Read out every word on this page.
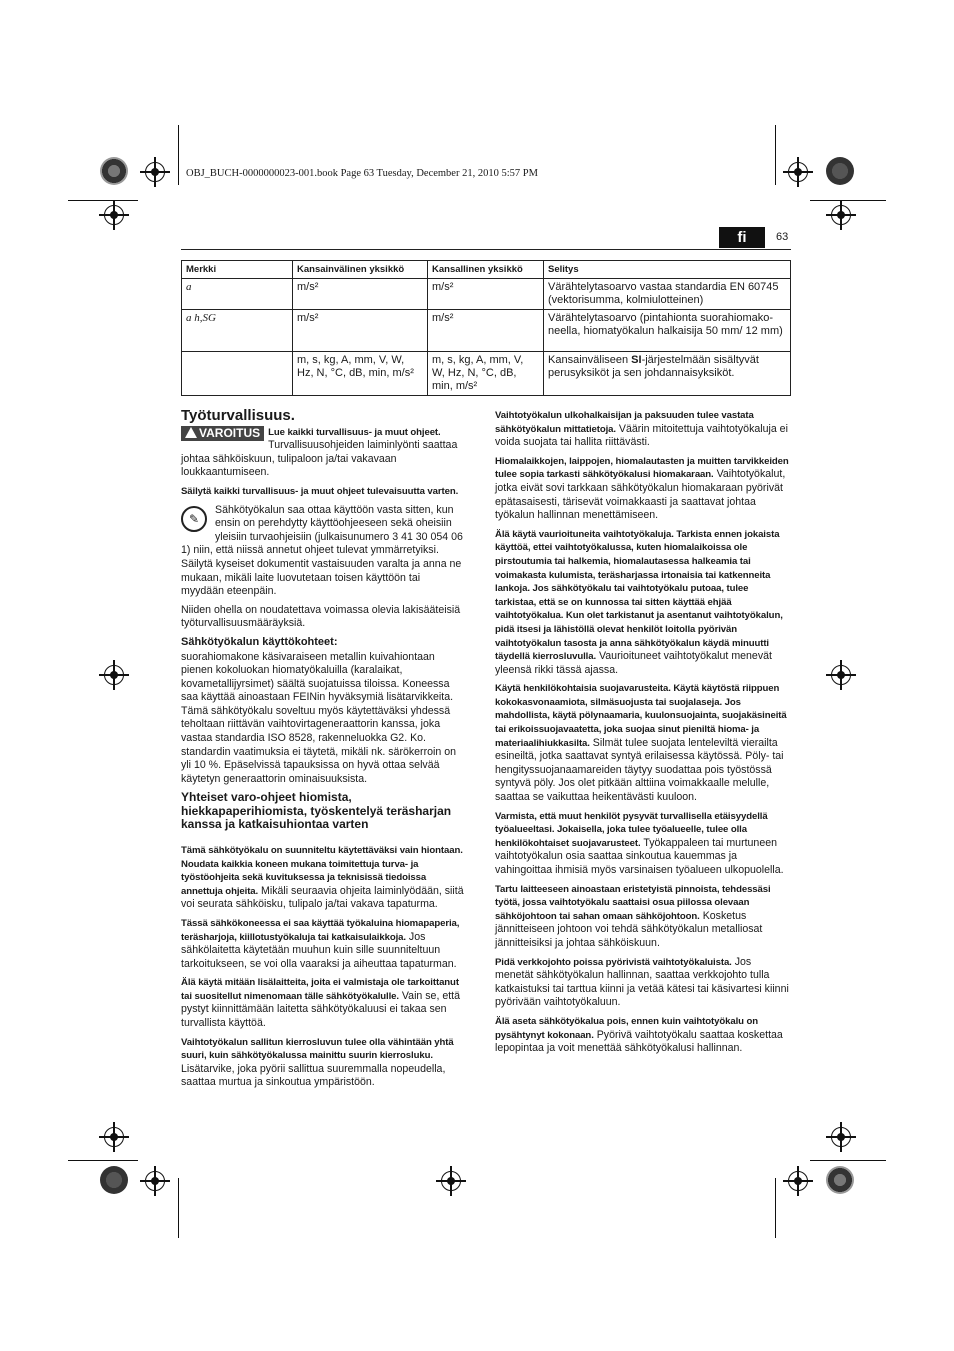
OBJ_BUCH-0000000023-001.book Page 63 Tuesday, December 21, 2010 5:57 PM
fi	63
Merkki	Kansainvälinen yksikkö	Kansallinen yksikkö	Selitys
a	m/s²	m/s²	Värähtelytasoarvo vastaa standardia EN 60745 (vektorisumma, kolmiulotteinen)
a h,SG	m/s²	m/s²	Värähtelytasoarvo (pintahionta suorahiomako-neella, hiomatyökalun halkaisija 50 mm/ 12 mm)
	m, s, kg, A, mm, V, W, Hz, N, °C, dB, min, m/s²	m, s, kg, A, mm, V, W, Hz, N, °C, dB, min, m/s²	Kansainväliseen SI-järjestelmään sisältyvät perusyksiköt ja sen johdannaisyksiköt.
Työturvallisuus.

VAROITUS Lue kaikki turvallisuus- ja muut ohjeet. Turvallisuusohjeiden laiminlyönti saattaa johtaa sähköiskuun, tulipaloon ja/tai vakavaan loukkaantumiseen.

Säilytä kaikki turvallisuus- ja muut ohjeet tulevaisuutta varten.

✎
Sähkötyökalun saa ottaa käyttöön vasta sitten, kun ensin on perehdytty käyttöohjeeseen sekä oheisiin yleisiin turvaohjeisiin (julkaisunumero 3 41 30 054 06 1) niin, että niissä annetut ohjeet tulevat ymmärretyiksi. Säilytä kyseiset dokumentit vastaisuuden varalta ja anna ne mukaan, mikäli laite luovutetaan toisen käyttöön tai myydään eteenpäin.

Niiden ohella on noudatettava voimassa olevia lakisääteisiä työturvallisuusmääräyksiä.

Sähkötyökalun käyttökohteet:

suorahiomakone käsivaraiseen metallin kuivahiontaan pienen kokoluokan hiomatyökaluilla (karalaikat, kovametallijyrsimet) säältä suojatuissa tiloissa. Koneessa saa käyttää ainoastaan FEINin hyväksymiä lisätarvikkeita.

Tämä sähkötyökalu soveltuu myös käytettäväksi yhdessä teholtaan riittävän vaihtovirtageneraattorin kanssa, joka vastaa standardia ISO 8528, rakenneluokka G2. Ko. standardin vaatimuksia ei täytetä, mikäli nk. särökerroin on yli 10 %. Epäselvissä tapauksissa on hyvä ottaa selvää käytetyn generaattorin ominaisuuksista.

Yhteiset varo-ohjeet hiomista, hiekkapaperihiomista, työskentelyä teräsharjan kanssa ja katkaisuhiontaa varten

Tämä sähkötyökalu on suunniteltu käytettäväksi vain hiontaan. Noudata kaikkia koneen mukana toimitettuja turva- ja työstöohjeita sekä kuvituksessa ja teknisissä tiedoissa annettuja ohjeita. Mikäli seuraavia ohjeita laiminlyödään, siitä voi seurata sähköisku, tulipalo ja/tai vakava tapaturma.

Tässä sähkökoneessa ei saa käyttää työkaluina hiomapaperia, teräsharjoja, kiillotustyökaluja tai katkaisulaikkoja. Jos sähkölaitetta käytetään muuhun kuin sille suunniteltuun tarkoitukseen, se voi olla vaaraksi ja aiheuttaa tapaturman.

Älä käytä mitään lisälaitteita, joita ei valmistaja ole tarkoittanut tai suositellut nimenomaan tälle sähkötyökalulle. Vain se, että pystyt kiinnittämään laitetta sähkötyökaluusi ei takaa sen turvallista käyttöä.

Vaihtotyökalun sallitun kierrosluvun tulee olla vähintään yhtä suuri, kuin sähkötyökalussa mainittu suurin kierrosluku. Lisätarvike, joka pyörii sallittua suuremmalla nopeudella, saattaa murtua ja sinkoutua ympäristöön.

Vaihtotyökalun ulkohalkaisijan ja paksuuden tulee vastata sähkötyökalun mittatietoja. Väärin mitoitettuja vaihtotyökaluja ei voida suojata tai hallita riittävästi.

Hiomalaikkojen, laippojen, hiomalautasten ja muitten tarvikkeiden tulee sopia tarkasti sähkötyökalusi hiomakaraan. Vaihtotyökalut, jotka eivät sovi tarkkaan sähkötyökalun hiomakaraan pyörivät epätasaisesti, tärisevät voimakkaasti ja saattavat johtaa työkalun hallinnan menettämiseen.

Älä käytä vaurioituneita vaihtotyökaluja. Tarkista ennen jokaista käyttöä, ettei vaihtotyökalussa, kuten hiomalaikoissa ole pirstoutumia tai halkemia, hiomalautasessa halkeamia tai voimakasta kulumista, teräsharjassa irtonaisia tai katkenneita lankoja. Jos sähkötyökalu tai vaihtotyökalu putoaa, tulee tarkistaa, että se on kunnossa tai sitten käyttää ehjää vaihtotyökalua. Kun olet tarkistanut ja asentanut vaihtotyökalun, pidä itsesi ja lähistöllä olevat henkilöt loitolla pyörivän vaihtotyökalun tasosta ja anna sähkötyökalun käydä minuutti täydellä kierrosluvulla. Vaurioituneet vaihtotyökalut menevät yleensä rikki tässä ajassa.

Käytä henkilökohtaisia suojavarusteita. Käytä käytöstä riippuen kokokasvonaamiota, silmäsuojusta tai suojalaseja. Jos mahdollista, käytä pölynaamaria, kuulonsuojainta, suojakäsineitä tai erikoissuojavaatetta, joka suojaa sinut pieniltä hioma- ja materiaalihiukkasilta. Silmät tulee suojata lenteleviltä vierailta esineiltä, jotka saattavat syntyä erilaisessa käytössä. Pöly- tai hengityssuojanaamareiden täytyy suodattaa pois työstössä syntyvä pöly. Jos olet pitkään alttiina voimakkaalle melulle, saattaa se vaikuttaa heikentävästi kuuloon.

Varmista, että muut henkilöt pysyvät turvallisella etäisyydellä työalueeltasi. Jokaisella, joka tulee työalueelle, tulee olla henkilökohtaiset suojavarusteet. Työkappaleen tai murtuneen vaihtotyökalun osia saattaa sinkoutua kauemmas ja vahingoittaa ihmisiä myös varsinaisen työalueen ulkopuolella.

Tartu laitteeseen ainoastaan eristetyistä pinnoista, tehdessäsi työtä, jossa vaihtotyökalu saattaisi osua piilossa olevaan sähköjohtoon tai sahan omaan sähköjohtoon. Kosketus jännitteiseen johtoon voi tehdä sähkötyökalun metalliosat jännitteisiksi ja johtaa sähköiskuun.

Pidä verkkojohto poissa pyörivistä vaihtotyökaluista. Jos menetät sähkötyökalun hallinnan, saattaa verkkojohto tulla katkaistuksi tai tarttua kiinni ja vetää kätesi tai käsivartesi kiinni pyörivään vaihtotyökaluun.

Älä aseta sähkötyökalua pois, ennen kuin vaihtotyökalu on pysähtynyt kokonaan. Pyörivä vaihtotyökalu saattaa koskettaa lepopintaa ja voit menettää sähkötyökalusi hallinnan.
